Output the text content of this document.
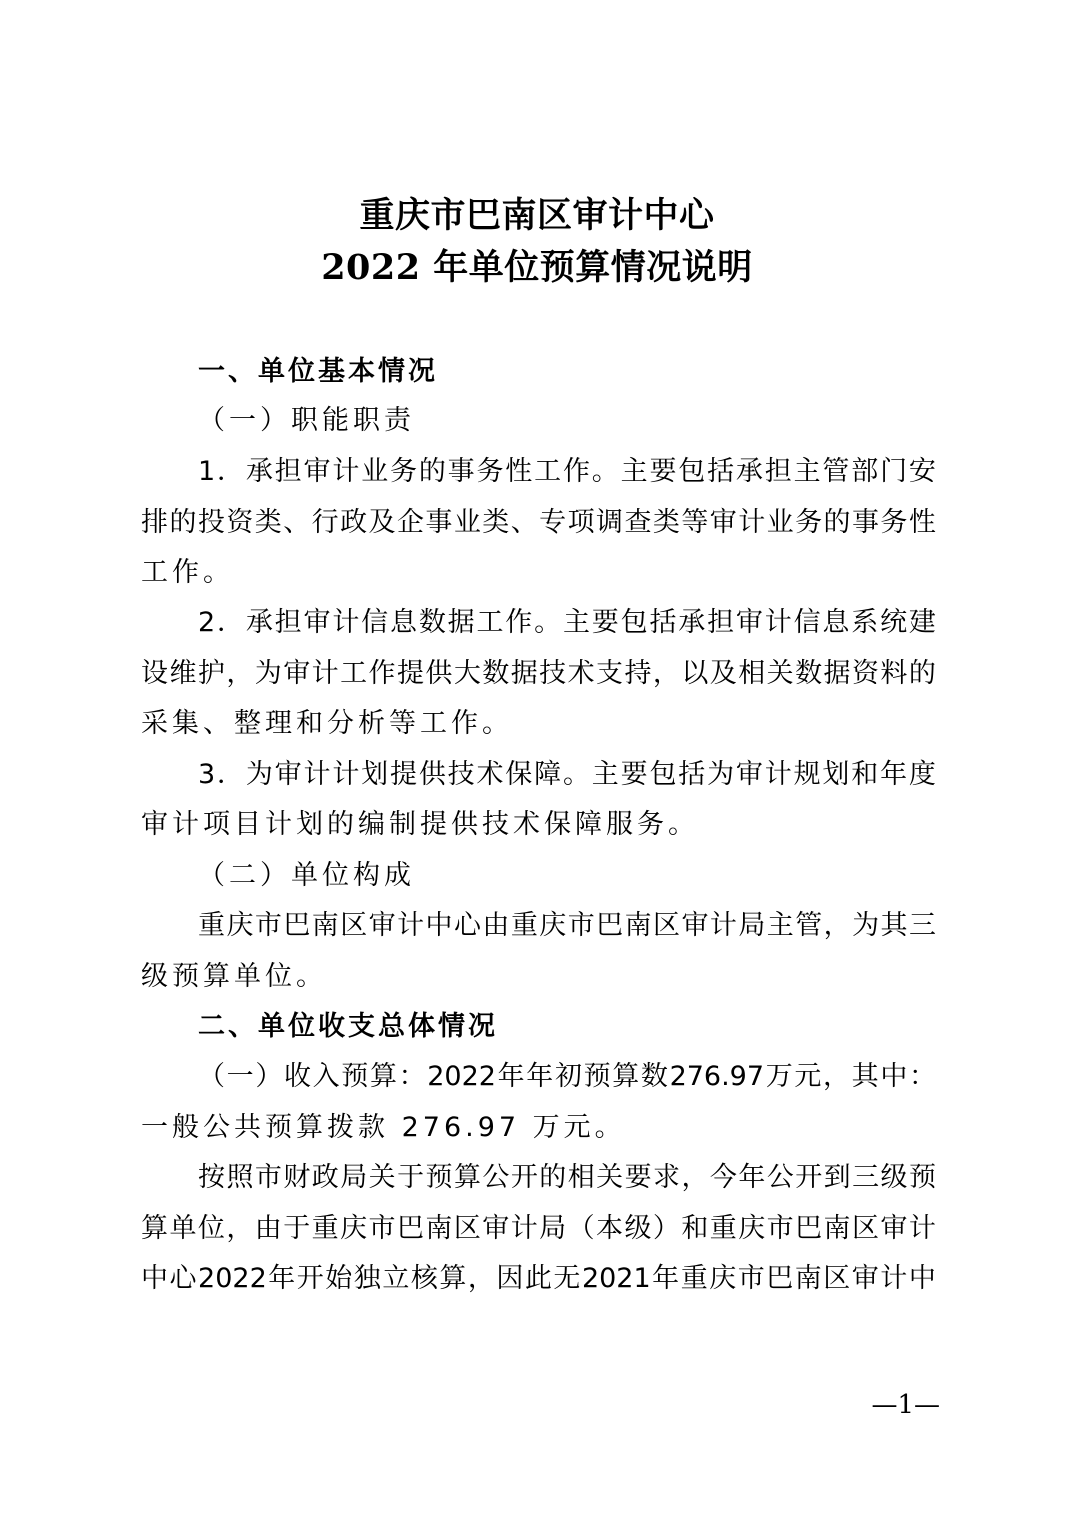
重庆市巴南区审计中心
2022 年单位预算情况说明
一、单位基本情况
（一）职能职责
1 ． 承 担 审 计 业 务 的 事 务 性 工 作 。 主 要 包 括 承 担 主 管 部 门 安
排 的 投 资 类 、 行 政 及 企 事 业 类 、 专 项 调 查 类 等 审 计 业 务 的 事 务 性
工作。
2 ． 承 担 审 计 信 息 数 据 工 作 。 主 要 包 括 承 担 审 计 信 息 系 统 建
设 维 护 ， 为 审 计 工 作 提 供 大 数 据 技 术 支 持 ， 以 及 相 关 数 据 资 料 的
采集、整理和分析等工作。
3 ． 为 审 计 计 划 提 供 技 术 保 障 。 主 要 包 括 为 审 计 规 划 和 年 度
审计项目计划的编制提供技术保障服务。
（二）单位构成
重 庆 市 巴 南 区 审 计 中 心 由 重 庆 市 巴 南 区 审 计 局 主 管 ， 为 其 三
级预算单位。
二、单位收支总体情况
（ 一 ） 收 入 预 算 ： 2022 年 年 初 预 算 数 276.97 万 元 ， 其 中 ：
一般公共预算拨款 276.97 万元。
按 照 市 财 政 局 关 于 预 算 公 开 的 相 关 要 求 ， 今 年 公 开 到 三 级 预
算 单 位 ， 由 于 重 庆 市 巴 南 区 审 计 局 （ 本 级 ） 和 重 庆 市 巴 南 区 审 计
中 心 2022 年 开 始 独 立 核 算 ， 因 此 无 2021 年 重 庆 市 巴 南 区 审 计 中
—1—
